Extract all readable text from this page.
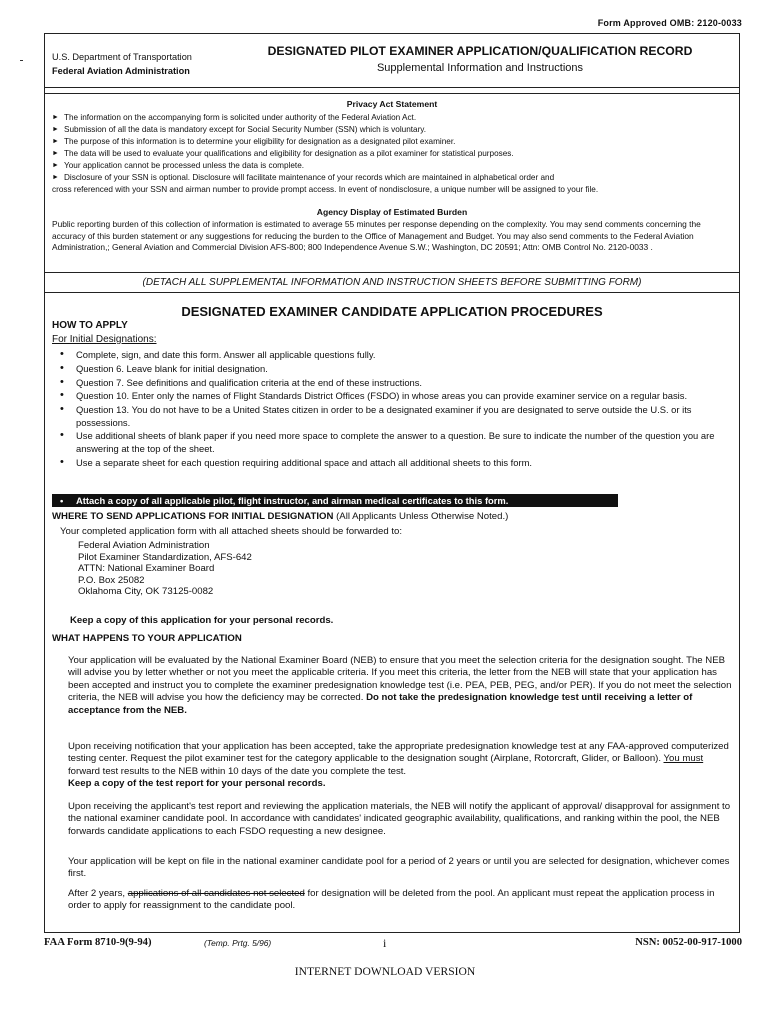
Form Approved OMB: 2120-0033
U.S. Department of Transportation
Federal Aviation Administration
DESIGNATED PILOT EXAMINER APPLICATION/QUALIFICATION RECORD
Supplemental Information and Instructions
Privacy Act Statement
► The information on the accompanying form is solicited under authority of the Federal Aviation Act.
► Submission of all the data is mandatory except for Social Security Number (SSN) which is voluntary.
► The purpose of this information is to determine your eligibility for designation as a designated pilot examiner.
► The data will be used to evaluate your qualifications and eligibility for designation as a pilot examiner for statistical purposes.
► Your application cannot be processed unless the data is complete.
► Disclosure of your SSN is optional. Disclosure will facilitate maintenance of your records which are maintained in alphabetical order and
cross referenced with your SSN and airman number to provide prompt access. In event of nondisclosure, a unique number will be assigned to your file.
Agency Display of Estimated Burden
Public reporting burden of this collection of information is estimated to average 55 minutes per response depending on the complexity. You may send comments concerning the accuracy of this burden statement or any suggestions for reducing the burden to the Office of Management and Budget. You may also send comments to the Federal Aviation Administration,; General Aviation and Commercial Division AFS-800; 800 Independence Avenue S.W.; Washington, DC 20591; Attn: OMB Control No. 2120-0033 .
(DETACH ALL SUPPLEMENTAL INFORMATION AND INSTRUCTION SHEETS BEFORE SUBMITTING FORM)
DESIGNATED EXAMINER CANDIDATE APPLICATION PROCEDURES
HOW TO APPLY
For Initial Designations:
• Complete, sign, and date this form. Answer all applicable questions fully.
• Question 6. Leave blank for initial designation.
• Question 7. See definitions and qualification criteria at the end of these instructions.
• Question 10. Enter only the names of Flight Standards District Offices (FSDO) in whose areas you can provide examiner service on a regular basis.
• Question 13. You do not have to be a United States citizen in order to be a designated examiner if you are designated to serve outside the U.S. or its possessions.
• Use additional sheets of blank paper if you need more space to complete the answer to a question. Be sure to indicate the number of the question you are answering at the top of the sheet.
• Use a separate sheet for each question requiring additional space and attach all additional sheets to this form.
• Attach a copy of all applicable pilot, flight instructor, and airman medical certificates to this form.
WHERE TO SEND APPLICATIONS FOR INITIAL DESIGNATION (All Applicants Unless Otherwise Noted.)
Your completed application form with all attached sheets should be forwarded to:
Federal Aviation Administration
Pilot Examiner Standardization, AFS-642
ATTN: National Examiner Board
P.O. Box 25082
Oklahoma City, OK 73125-0082
Keep a copy of this application for your personal records.
WHAT HAPPENS TO YOUR APPLICATION
Your application will be evaluated by the National Examiner Board (NEB) to ensure that you meet the selection criteria for the designation sought. The NEB will advise you by letter whether or not you meet the applicable criteria. If you meet this criteria, the letter from the NEB will state that your application has been accepted and instruct you to complete the examiner predesignation knowledge test (i.e. PEA, PEB, PEG, and/or PER). If you do not meet the selection criteria, the NEB will advise you how the deficiency may be corrected. Do not take the predesignation knowledge test until receiving a letter of acceptance from the NEB.
Upon receiving notification that your application has been accepted, take the appropriate predesignation knowledge test at any FAA-approved computerized testing center. Request the pilot examiner test for the category applicable to the designation sought (Airplane, Rotorcraft, Glider, or Balloon). You must forward test results to the NEB within 10 days of the date you complete the test.
Keep a copy of the test report for your personal records.
Upon receiving the applicant's test report and reviewing the application materials, the NEB will notify the applicant of approval/ disapproval for assignment to the national examiner candidate pool. In accordance with candidates' indicated geographic availability, qualifications, and ranking within the pool, the NEB forwards candidate applications to each FSDO requesting a new designee.
Your application will be kept on file in the national examiner candidate pool for a period of 2 years or until you are selected for designation, whichever comes first.
After 2 years, applications of all candidates not selected for designation will be deleted from the pool. An applicant must repeat the application process in order to apply for reassignment to the candidate pool.
FAA Form 8710-9(9-94)	(Temp. Prtg. 5/96)	i	NSN: 0052-00-917-1000
INTERNET DOWNLOAD VERSION
